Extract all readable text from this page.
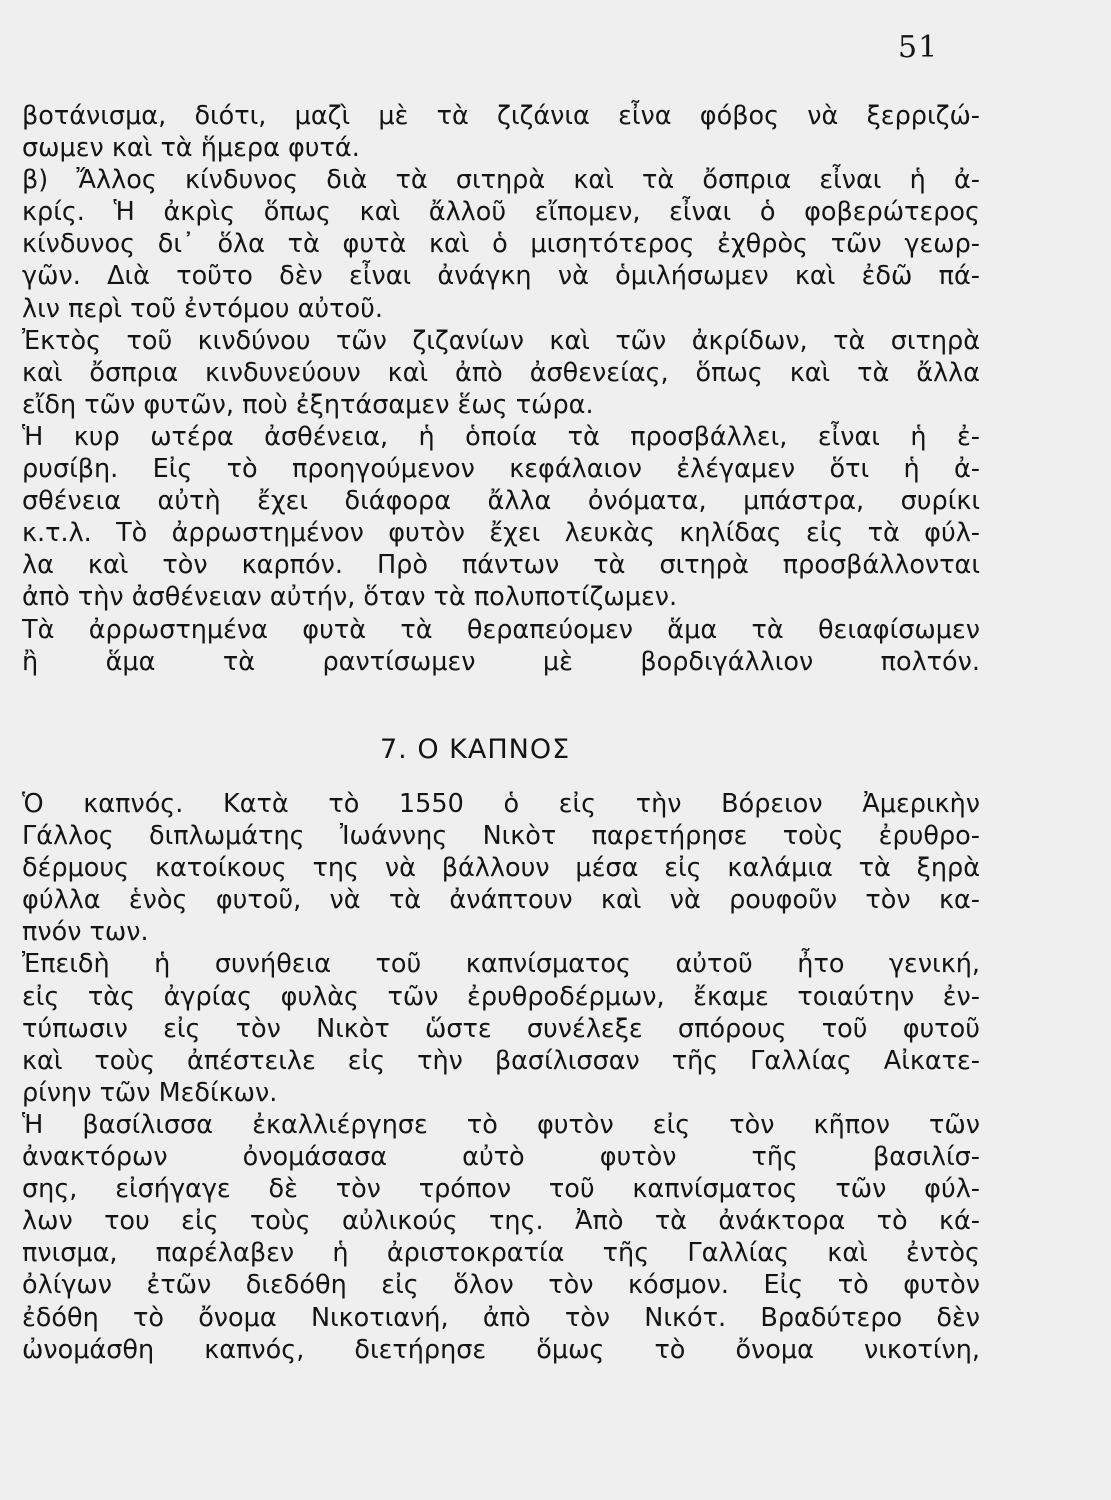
51
βοτάνισμα, διότι, μαζὶ μὲ τὰ ζιζάνια εἶνα φόβος νὰ ξερριζώ-
σωμεν καὶ τὰ ἥμερα φυτά.
β) Ἄλλος κίνδυνος διὰ τὰ σιτηρὰ καὶ τὰ ὄσπρια εἶναι ἡ ἀ-
κρίς. Ἡ ἀκρὶς ὅπως καὶ ἄλλοῦ εἴπομεν, εἶναι ὁ φοβερώτερος
κίνδυνος δι᾽ ὅλα τὰ φυτὰ καὶ ὁ μισητότερος ἐχθρὸς τῶν γεωρ-
γῶν. Διὰ τοῦτο δὲν εἶναι ἀνάγκη νὰ ὁμιλήσωμεν καὶ ἐδῶ πά-
λιν περὶ τοῦ ἐντόμου αὐτοῦ.
Ἐκτὸς τοῦ κινδύνου τῶν ζιζανίων καὶ τῶν ἀκρίδων, τὰ σιτηρὰ
καὶ ὄσπρια κινδυνεύουν καὶ ἀπὸ ἀσθενείας, ὅπως καὶ τὰ ἄλλα
εἴδη τῶν φυτῶν, ποὺ ἐξητάσαμεν ἕως τώρα.
Ἡ κυρ ωτέρα ἀσθένεια, ἡ ὁποία τὰ προσβάλλει, εἶναι ἡ ἐ-
ρυσίβη. Εἰς τὸ προηγούμενον κεφάλαιον ἐλέγαμεν ὅτι ἡ ἀ-
σθένεια αὐτὴ ἔχει διάφορα ἄλλα ὀνόματα, μπάστρα, συρίκι
κ.τ.λ. Τὸ ἀρρωστημένον φυτὸν ἔχει λευκὰς κηλίδας εἰς τὰ φύλ-
λα καὶ τὸν καρπόν. Πρὸ πάντων τὰ σιτηρὰ προσβάλλονται
ἀπὸ τὴν ἀσθένειαν αὐτήν, ὅταν τὰ πολυποτίζωμεν.
Τὰ ἀρρωστημένα φυτὰ τὰ θεραπεύομεν ἅμα τὰ θειαφίσωμεν
ἢ ἅμα τὰ ραντίσωμεν μὲ βορδιγάλλιον πολτόν.
7. Ο ΚΑΠΝΟΣ
Ὁ καπνός. Κατὰ τὸ 1550 ὁ εἰς τὴν Βόρειον Ἀμερικὴν
Γάλλος διπλωμάτης Ἰωάννης Νικὸτ παρετήρησε τοὺς ἐρυθρο-
δέρμους κατοίκους της νὰ βάλλουν μέσα εἰς καλάμια τὰ ξηρὰ
φύλλα ἑνὸς φυτοῦ, νὰ τὰ ἀνάπτουν καὶ νὰ ρουφοῦν τὸν κα-
πνόν των.
Ἐπειδὴ ἡ συνήθεια τοῦ καπνίσματος αὐτοῦ ἦτο γενική,
εἰς τὰς ἀγρίας φυλὰς τῶν ἐρυθροδέρμων, ἔκαμε τοιαύτην ἐν-
τύπωσιν εἰς τὸν Νικὸτ ὥστε συνέλεξε σπόρους τοῦ φυτοῦ
καὶ τοὺς ἀπέστειλε εἰς τὴν βασίλισσαν τῆς Γαλλίας Αἰκατε-
ρίνην τῶν Μεδίκων.
Ἡ βασίλισσα ἐκαλλιέργησε τὸ φυτὸν εἰς τὸν κῆπον τῶν
ἀνακτόρων ὀνομάσασα αὐτὸ φυτὸν τῆς βασιλίσ-
σης, εἰσήγαγε δὲ τὸν τρόπον τοῦ καπνίσματος τῶν φύλ-
λων του εἰς τοὺς αὐλικούς της. Ἀπὸ τὰ ἀνάκτορα τὸ κά-
πνισμα, παρέλαβεν ἡ ἀριστοκρατία τῆς Γαλλίας καὶ ἐντὸς
ὀλίγων ἐτῶν διεδόθη εἰς ὅλον τὸν κόσμον. Εἰς τὸ φυτὸν
ἐδόθη τὸ ὄνομα Νικοτιανή, ἀπὸ τὸν Νικότ. Βραδύτερο δὲν
ὠνομάσθη καπνός, διετήρησε ὅμως τὸ ὄνομα νικοτίνη,
